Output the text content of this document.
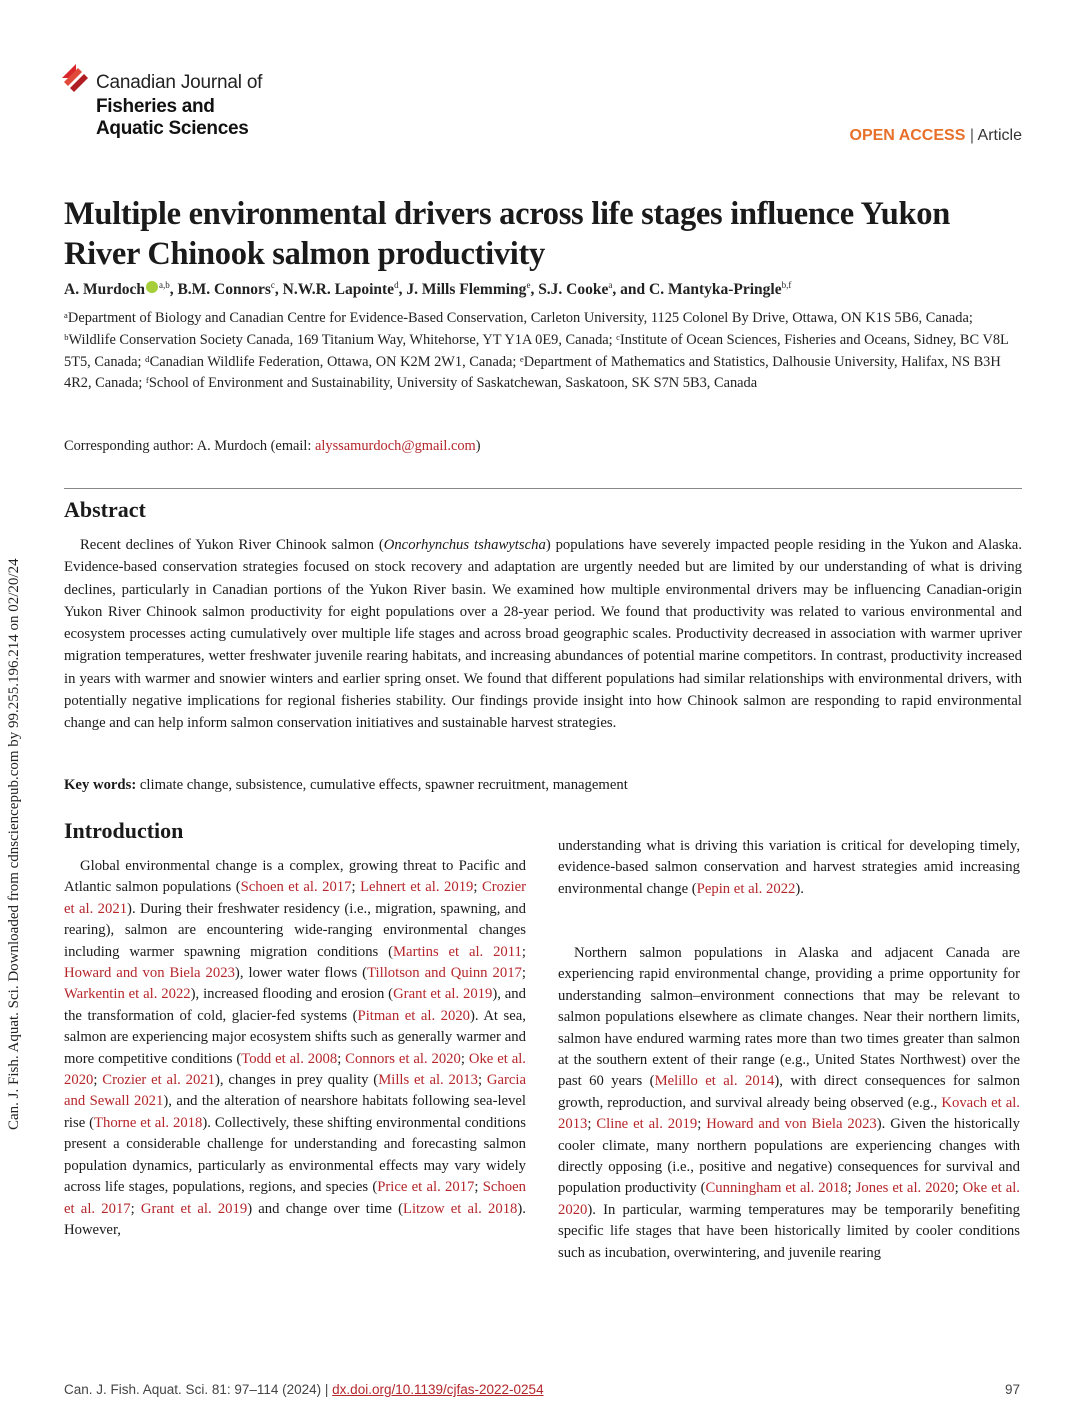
Can. J. Fish. Aquat. Sci. Downloaded from cdnsciencepub.com by 99.255.196.214 on 02/20/24
Canadian Journal of
Fisheries and
Aquatic Sciences	OPEN ACCESS | Article
Multiple environmental drivers across life stages influence Yukon River Chinook salmon productivity
A. Murdoch $^{a,b}$, B.M. Connors$^c$, N.W.R. Lapointe$^d$, J. Mills Flemming$^e$, S.J. Cooke$^a$, and C. Mantyka-Pringle$^{b,f}$
ᵃDepartment of Biology and Canadian Centre for Evidence-Based Conservation, Carleton University, 1125 Colonel By Drive, Ottawa, ON K1S 5B6, Canada; ᵇWildlife Conservation Society Canada, 169 Titanium Way, Whitehorse, YT Y1A 0E9, Canada; ᶜInstitute of Ocean Sciences, Fisheries and Oceans, Sidney, BC V8L 5T5, Canada; ᵈCanadian Wildlife Federation, Ottawa, ON K2M 2W1, Canada; ᵉDepartment of Mathematics and Statistics, Dalhousie University, Halifax, NS B3H 4R2, Canada; ᶠSchool of Environment and Sustainability, University of Saskatchewan, Saskatoon, SK S7N 5B3, Canada
Corresponding author: A. Murdoch (email: alyssamurdoch@gmail.com)
Abstract

Recent declines of Yukon River Chinook salmon (Oncorhynchus tshawytscha) populations have severely impacted people residing in the Yukon and Alaska. Evidence-based conservation strategies focused on stock recovery and adaptation are urgently needed but are limited by our understanding of what is driving declines, particularly in Canadian portions of the Yukon River basin. We examined how multiple environmental drivers may be influencing Canadian-origin Yukon River Chinook salmon productivity for eight populations over a 28-year period. We found that productivity was related to various environmental and ecosystem processes acting cumulatively over multiple life stages and across broad geographic scales. Productivity decreased in association with warmer upriver migration temperatures, wetter freshwater juvenile rearing habitats, and increasing abundances of potential marine competitors. In contrast, productivity increased in years with warmer and snowier winters and earlier spring onset. We found that different populations had similar relationships with environmental drivers, with potentially negative implications for regional fisheries stability. Our findings provide insight into how Chinook salmon are responding to rapid environmental change and can help inform salmon conservation initiatives and sustainable harvest strategies.

Key words: climate change, subsistence, cumulative effects, spawner recruitment, management
Introduction

Global environmental change is a complex, growing threat to Pacific and Atlantic salmon populations (Schoen et al. 2017; Lehnert et al. 2019; Crozier et al. 2021). During their freshwater residency (i.e., migration, spawning, and rearing), salmon are encountering wide-ranging environmental changes including warmer spawning migration conditions (Martins et al. 2011; Howard and von Biela 2023), lower water flows (Tillotson and Quinn 2017; Warkentin et al. 2022), increased flooding and erosion (Grant et al. 2019), and the transformation of cold, glacier-fed systems (Pitman et al. 2020). At sea, salmon are experiencing major ecosystem shifts such as generally warmer and more competitive conditions (Todd et al. 2008; Connors et al. 2020; Oke et al. 2020; Crozier et al. 2021), changes in prey quality (Mills et al. 2013; Garcia and Sewall 2021), and the alteration of nearshore habitats following sea-level rise (Thorne et al. 2018). Collectively, these shifting environmental conditions present a considerable challenge for understanding and forecasting salmon population dynamics, particularly as environmental effects may vary widely across life stages, populations, regions, and species (Price et al. 2017; Schoen et al. 2017; Grant et al. 2019) and change over time (Litzow et al. 2018). However,

understanding what is driving this variation is critical for developing timely, evidence-based salmon conservation and harvest strategies amid increasing environmental change (Pepin et al. 2022).

Northern salmon populations in Alaska and adjacent Canada are experiencing rapid environmental change, providing a prime opportunity for understanding salmon–environment connections that may be relevant to salmon populations elsewhere as climate changes. Near their northern limits, salmon have endured warming rates more than two times greater than salmon at the southern extent of their range (e.g., United States Northwest) over the past 60 years (Melillo et al. 2014), with direct consequences for salmon growth, reproduction, and survival already being observed (e.g., Kovach et al. 2013; Cline et al. 2019; Howard and von Biela 2023). Given the historically cooler climate, many northern populations are experiencing changes with directly opposing (i.e., positive and negative) consequences for survival and population productivity (Cunningham et al. 2018; Jones et al. 2020; Oke et al. 2020). In particular, warming temperatures may be temporarily benefiting specific life stages that have been historically limited by cooler conditions such as incubation, overwintering, and juvenile rearing

Can. J. Fish. Aquat. Sci. 81: 97–114 (2024) | dx.doi.org/10.1139/cjfas-2022-0254	97
